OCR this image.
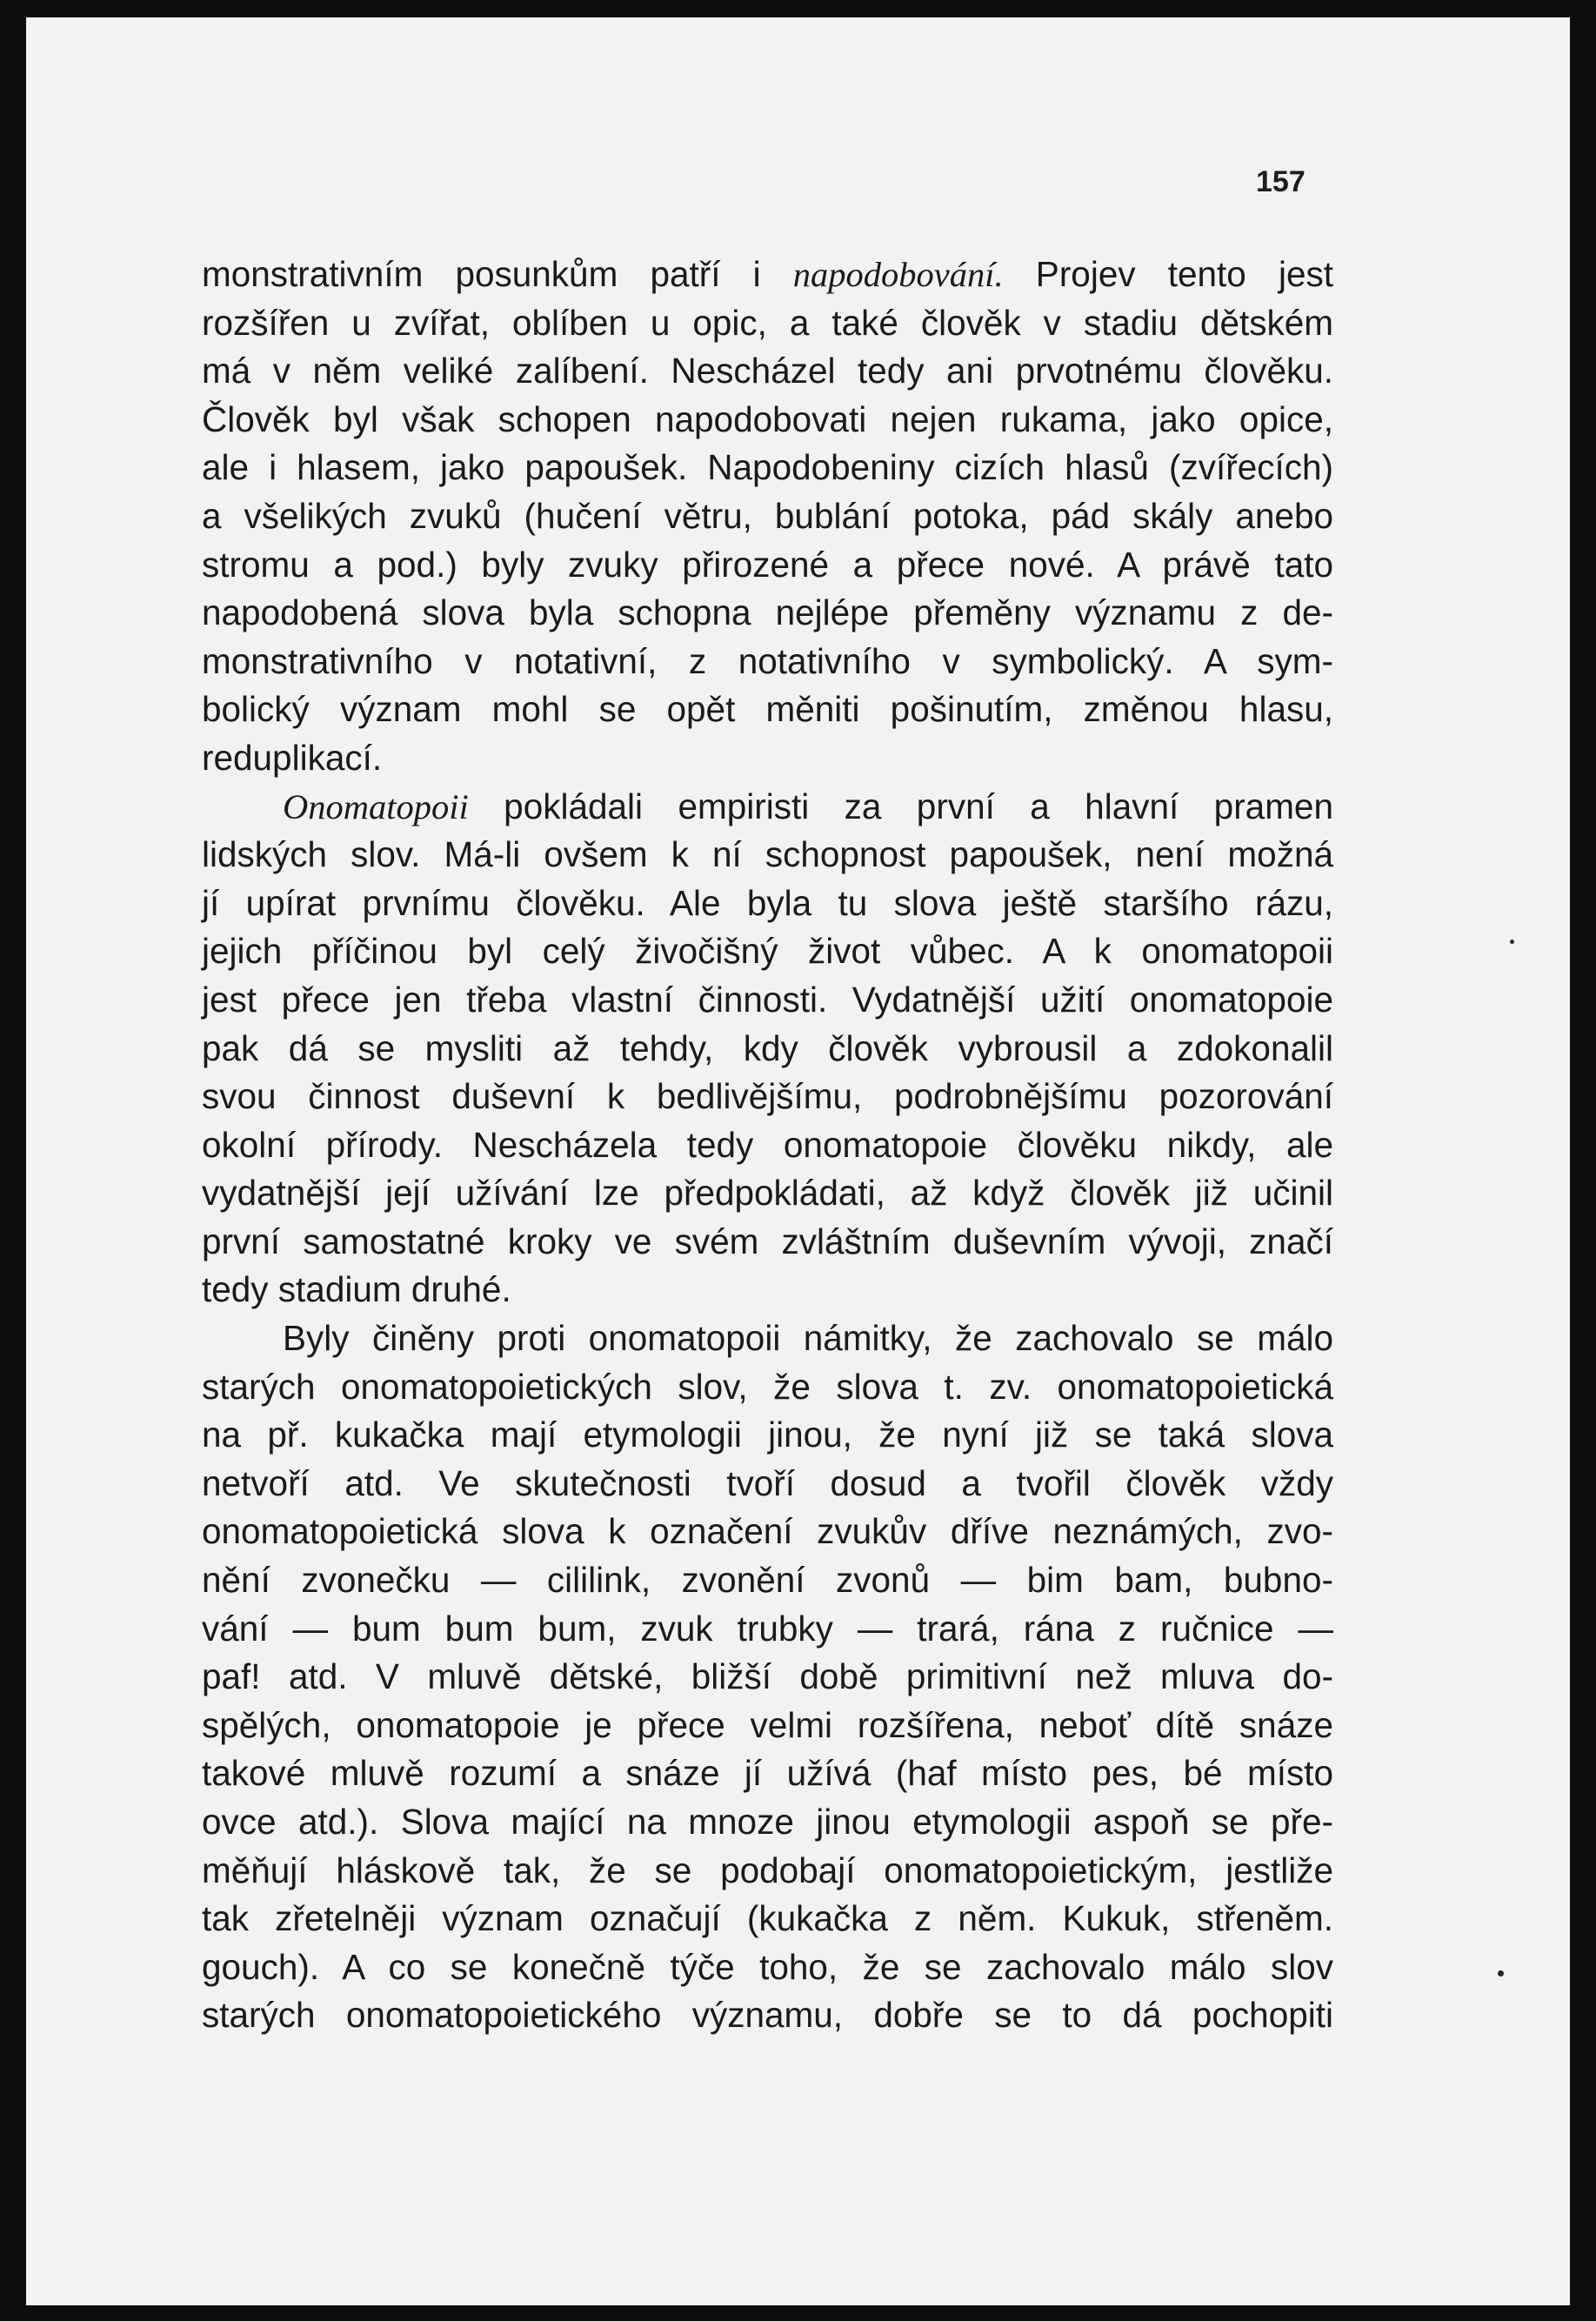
157
monstrativním posunkům patří i napodobování. Projev tento jest
rozšířen u zvířat, oblíben u opic, a také člověk v stadiu dětském
má v něm veliké zalíbení. Nescházel tedy ani prvotnému člověku.
Člověk byl však schopen napodobovati nejen rukama, jako opice,
ale i hlasem, jako papoušek. Napodobeniny cizích hlasů (zvířecích)
a všelikých zvuků (hučení větru, bublání potoka, pád skály anebo
stromu a pod.) byly zvuky přirozené a přece nové. A právě tato
napodobená slova byla schopna nejlépe přeměny významu z de-
monstrativního v notativní, z notativního v symbolický. A sym-
bolický význam mohl se opět měniti pošinutím, změnou hlasu,
reduplikací.
Onomatopoii pokládali empiristi za první a hlavní pramen
lidských slov. Má-li ovšem k ní schopnost papoušek, není možná
jí upírat prvnímu člověku. Ale byla tu slova ještě staršího rázu,
jejich příčinou byl celý živočišný život vůbec. A k onomatopoii
jest přece jen třeba vlastní činnosti. Vydatnější užití onomatopoie
pak dá se mysliti až tehdy, kdy člověk vybrousil a zdokonalil
svou činnost duševní k bedlivějšímu, podrobnějšímu pozorování
okolní přírody. Nescházela tedy onomatopoie člověku nikdy, ale
vydatnější její užívání lze předpokládati, až když člověk již učinil
první samostatné kroky ve svém zvláštním duševním vývoji, značí
tedy stadium druhé.
Byly činěny proti onomatopoii námitky, že zachovalo se málo
starých onomatopoietických slov, že slova t. zv. onomatopoietická
na př. kukačka mají etymologii jinou, že nyní již se taká slova
netvoří atd. Ve skutečnosti tvoří dosud a tvořil člověk vždy
onomatopoietická slova k označení zvukův dříve neznámých, zvo-
nění zvonečku — cililink, zvonění zvonů — bim bam, bubno-
vání — bum bum bum, zvuk trubky — trará, rána z ručnice —
paf! atd. V mluvě dětské, bližší době primitivní než mluva do-
spělých, onomatopoie je přece velmi rozšířena, neboť dítě snáze
takové mluvě rozumí a snáze jí užívá (haf místo pes, bé místo
ovce atd.). Slova mající na mnoze jinou etymologii aspoň se pře-
měňují hláskově tak, že se podobají onomatopoietickým, jestliže
tak zřetelněji význam označují (kukačka z něm. Kukuk, střeněm.
gouch). A co se konečně týče toho, že se zachovalo málo slov
starých onomatopoietického významu, dobře se to dá pochopiti
